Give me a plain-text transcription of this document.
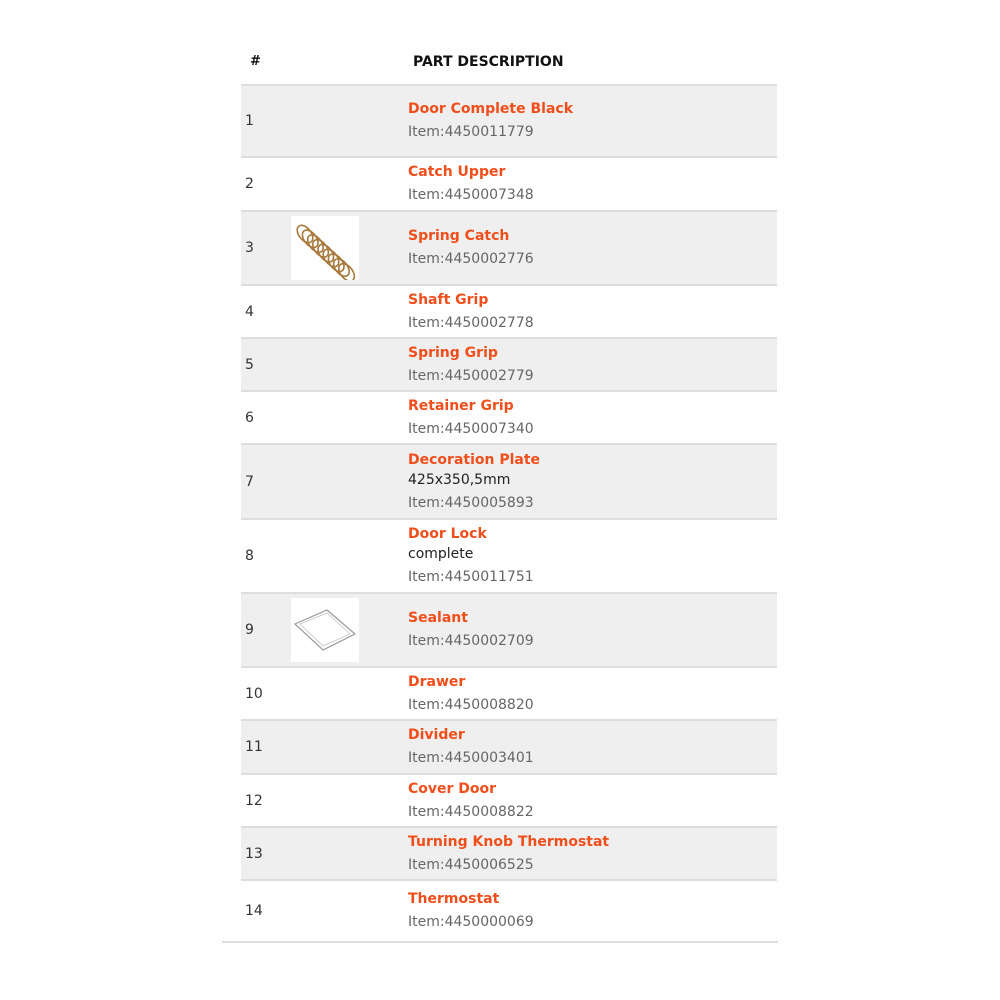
#	PART DESCRIPTION
1
Door Complete Black
Item:4450011779
2
Catch Upper
Item:4450007348
3
Spring Catch
Item:4450002776
4
Shaft Grip
Item:4450002778
5
Spring Grip
Item:4450002779
6
Retainer Grip
Item:4450007340
7
Decoration Plate
425x350,5mm
Item:4450005893
8
Door Lock
complete
Item:4450011751
9
Sealant
Item:4450002709
10
Drawer
Item:4450008820
11
Divider
Item:4450003401
12
Cover Door
Item:4450008822
13
Turning Knob Thermostat
Item:4450006525
14
Thermostat
Item:4450000069
